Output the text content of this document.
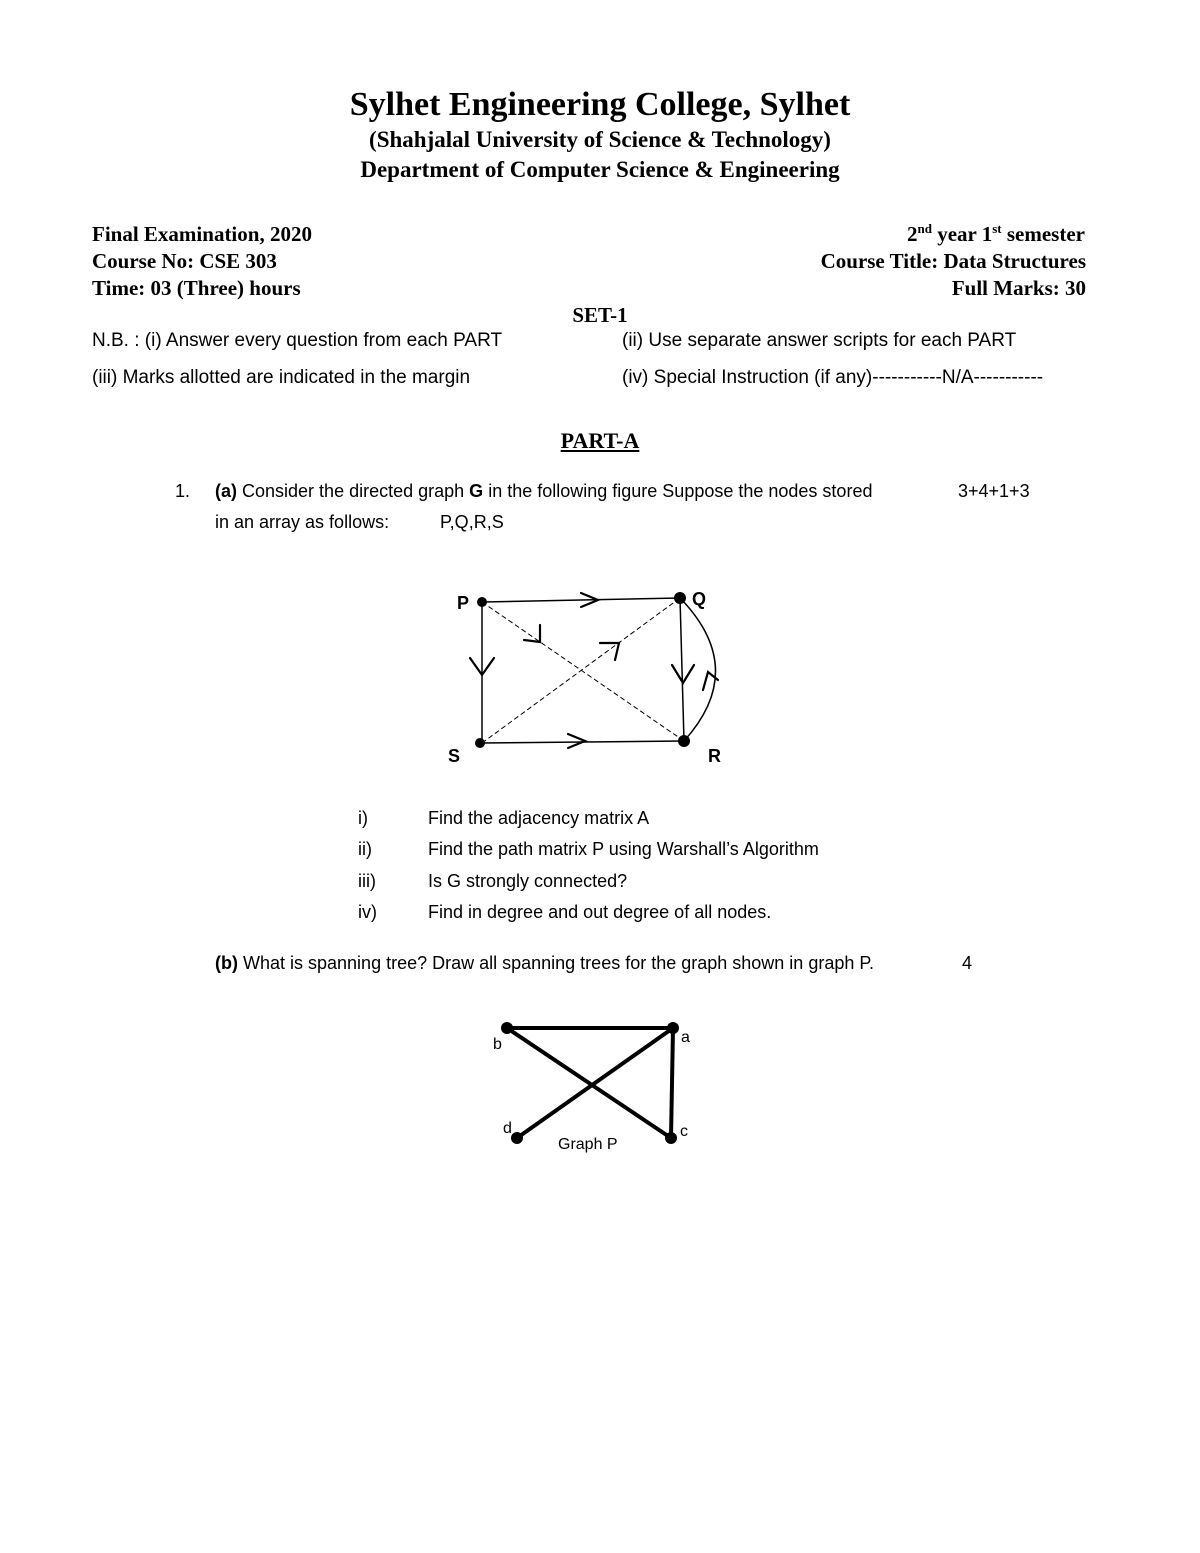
Sylhet Engineering College, Sylhet
(Shahjalal University of Science & Technology)
Department of Computer Science & Engineering
Final Examination, 2020	2nd year 1st semester
Course No: CSE 303	Course Title: Data Structures
Time: 03 (Three) hours	Full Marks: 30
SET-1
N.B. : (i) Answer every question from each PART	(ii) Use separate answer scripts for each PART
(iii) Marks allotted are indicated in the margin	(iv) Special Instruction (if any)-----------N/A-----------
PART-A
1. (a) Consider the directed graph G in the following figure Suppose the nodes stored	3+4+1+3
in an array as follows:	P,Q,R,S
P	Q
R
S
i)	Find the adjacency matrix A
ii)	Find the path matrix P using Warshall’s Algorithm
iii)	Is G strongly connected?
iv)	Find in degree and out degree of all nodes.
(b) What is spanning tree? Draw all spanning trees for the graph shown in graph P.	4
b	a
d	c
Graph P
